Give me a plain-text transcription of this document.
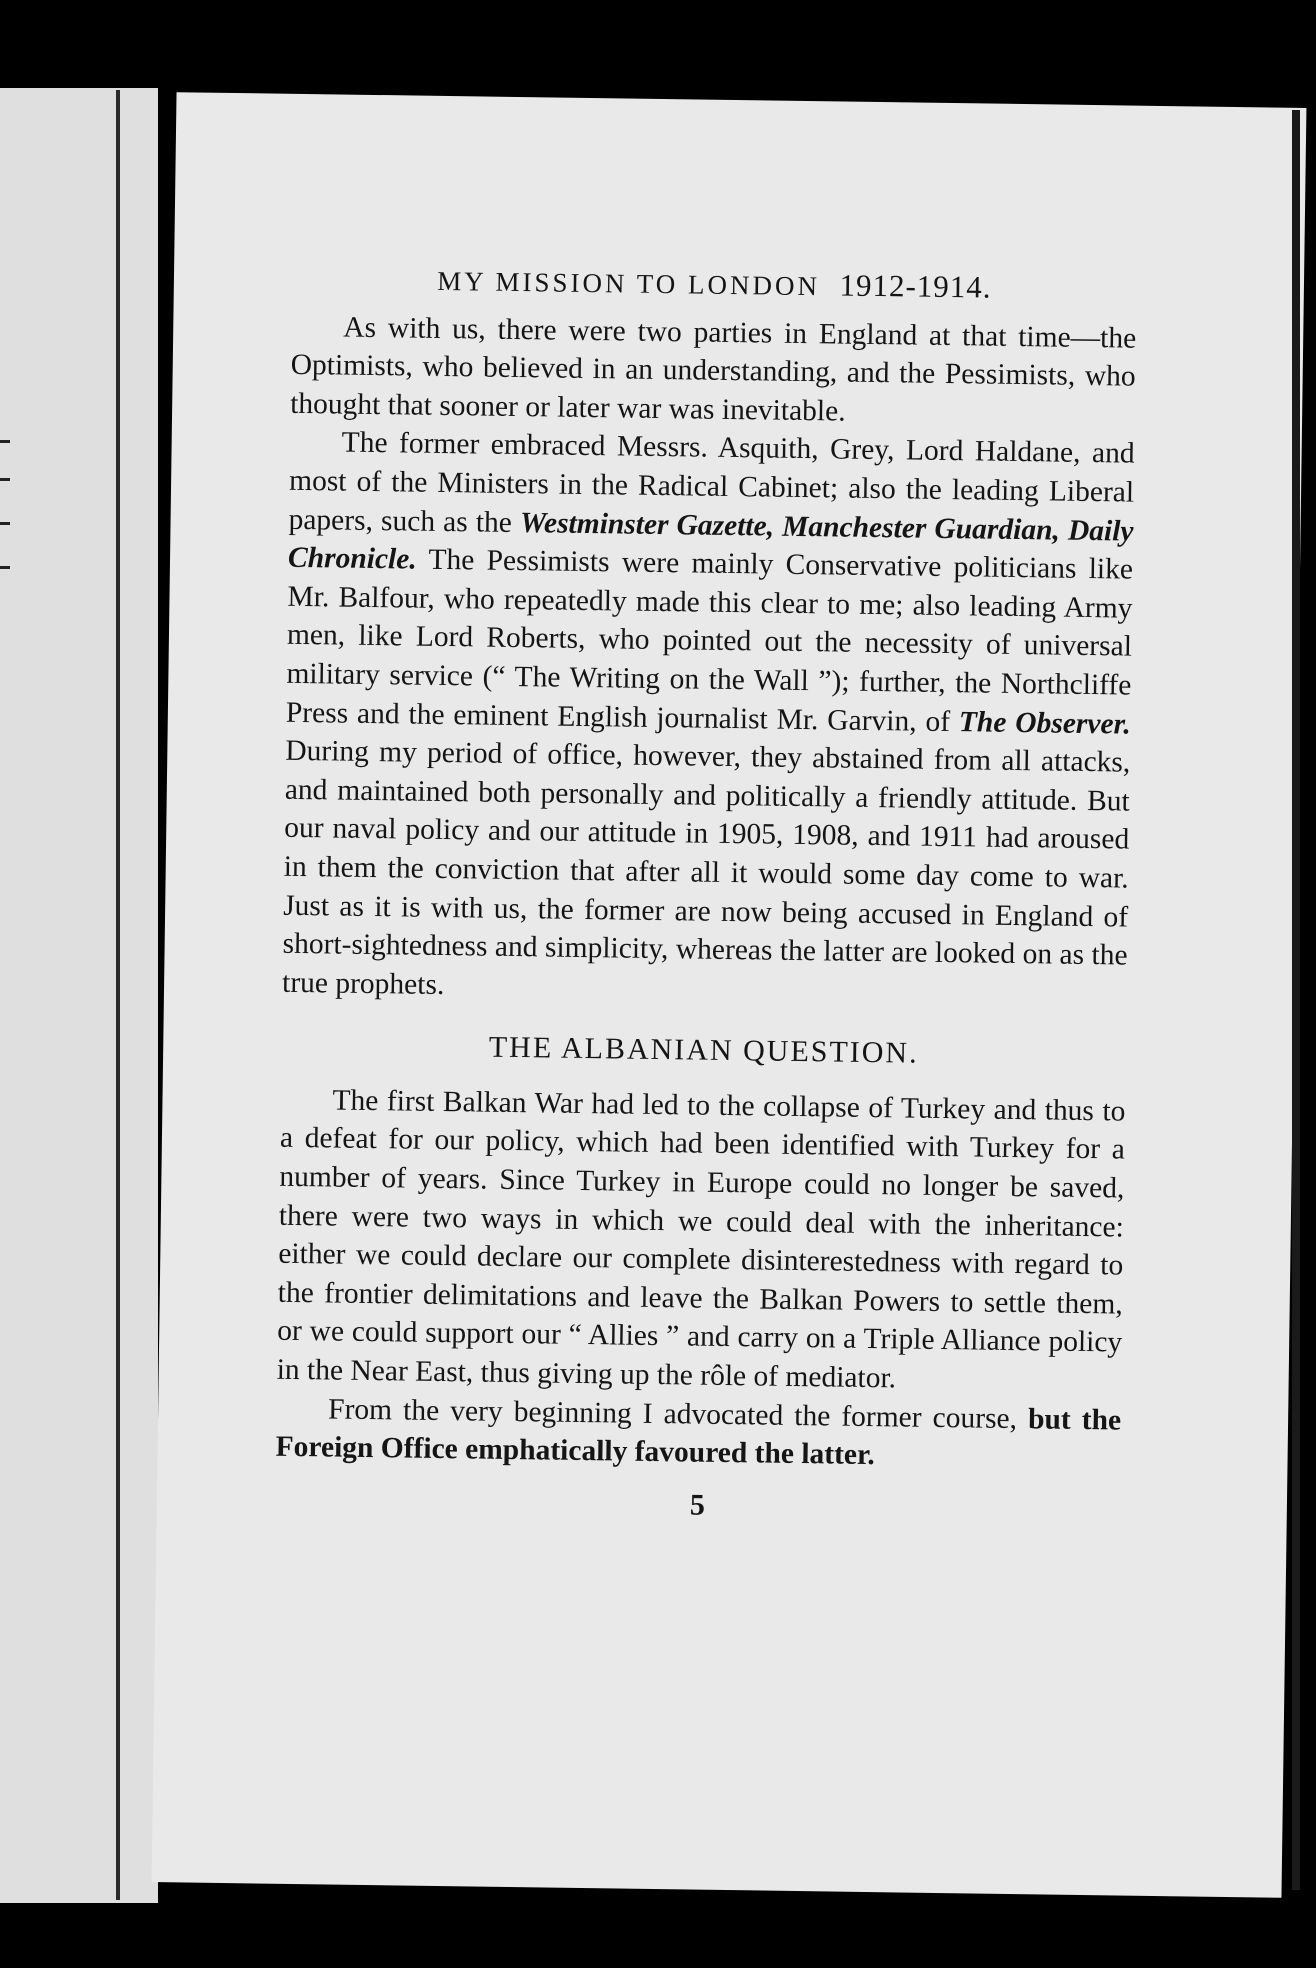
MY MISSION TO LONDON 1912-1914.

As with us, there were two parties in England at that time—the Optimists, who believed in an understanding, and the Pessimists, who thought that sooner or later war was inevitable.

The former embraced Messrs. Asquith, Grey, Lord Haldane, and most of the Ministers in the Radical Cabinet; also the leading Liberal papers, such as the Westminster Gazette, Manchester Guardian, Daily Chronicle. The Pessimists were mainly Conservative politicians like Mr. Balfour, who repeatedly made this clear to me; also leading Army men, like Lord Roberts, who pointed out the necessity of universal military service (“ The Writing on the Wall ”); further, the Northcliffe Press and the eminent English journalist Mr. Garvin, of The Observer. During my period of office, however, they abstained from all attacks, and maintained both personally and politically a friendly attitude. But our naval policy and our attitude in 1905, 1908, and 1911 had aroused in them the conviction that after all it would some day come to war. Just as it is with us, the former are now being accused in England of short-sightedness and simplicity, whereas the latter are looked on as the true prophets.

THE ALBANIAN QUESTION.

The first Balkan War had led to the collapse of Turkey and thus to a defeat for our policy, which had been identified with Turkey for a number of years. Since Turkey in Europe could no longer be saved, there were two ways in which we could deal with the inheritance: either we could declare our complete disinterestedness with regard to the frontier delimitations and leave the Balkan Powers to settle them, or we could support our “ Allies ” and carry on a Triple Alliance policy in the Near East, thus giving up the rôle of mediator.

From the very beginning I advocated the former course, but the Foreign Office emphatically favoured the latter.

5
